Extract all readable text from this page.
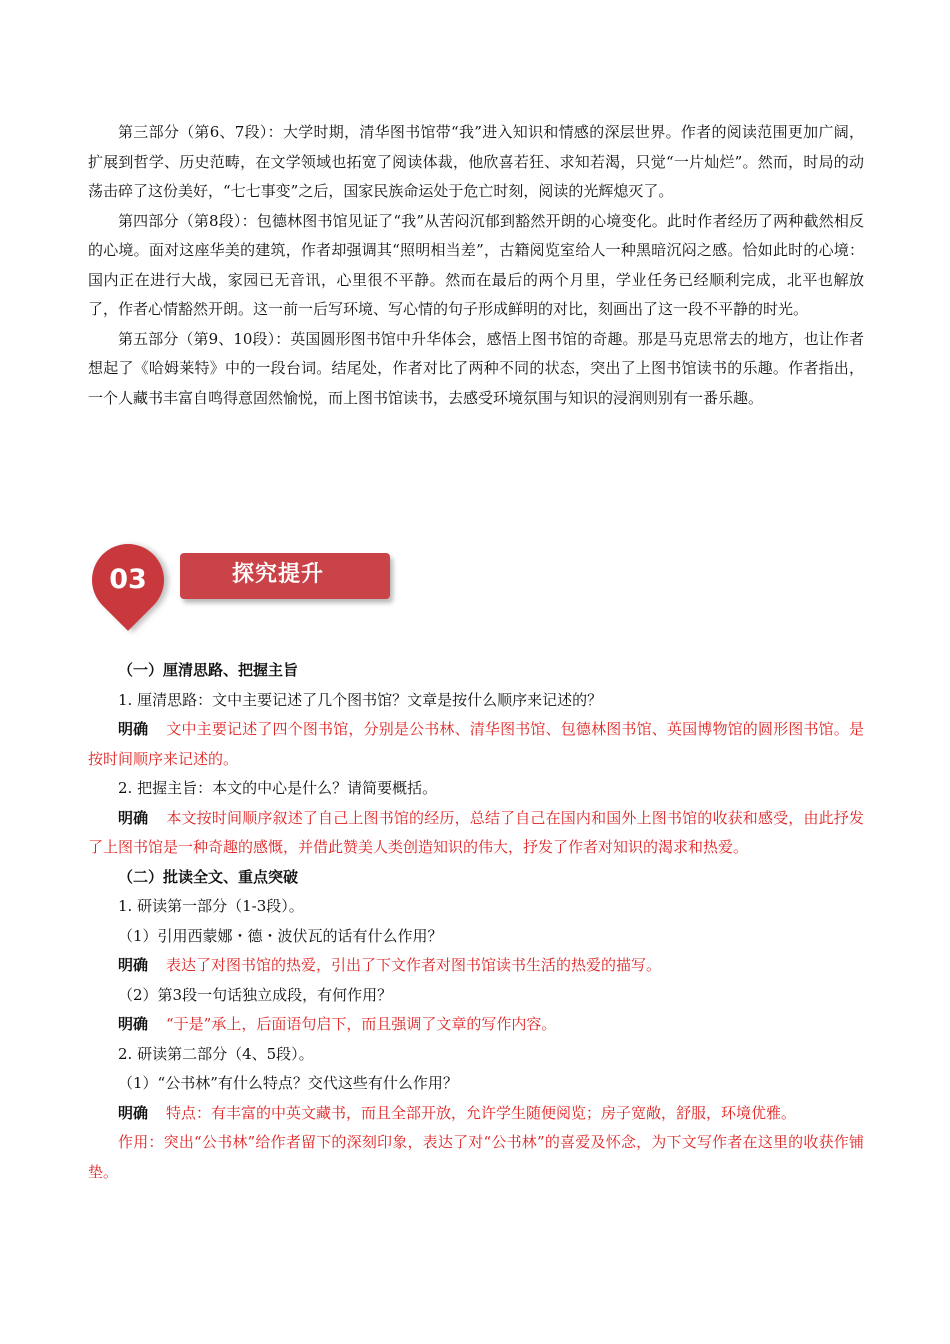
第三部分（第6、7段）：大学时期，清华图书馆带“我”进入知识和情感的深层世界。作者的阅读范围更加广阔，扩展到哲学、历史范畴，在文学领域也拓宽了阅读体裁，他欣喜若狂、求知若渴，只觉“一片灿烂”。然而，时局的动荡击碎了这份美好，“七七事变”之后，国家民族命运处于危亡时刻，阅读的光辉熄灭了。

第四部分（第8段）：包德林图书馆见证了“我”从苦闷沉郁到豁然开朗的心境变化。此时作者经历了两种截然相反的心境。面对这座华美的建筑，作者却强调其“照明相当差”，古籍阅览室给人一种黑暗沉闷之感。恰如此时的心境：国内正在进行大战，家园已无音讯，心里很不平静。然而在最后的两个月里，学业任务已经顺利完成，北平也解放了，作者心情豁然开朗。这一前一后写环境、写心情的句子形成鲜明的对比，刻画出了这一段不平静的时光。

第五部分（第9、10段）：英国圆形图书馆中升华体会，感悟上图书馆的奇趣。那是马克思常去的地方，也让作者想起了《哈姆莱特》中的一段台词。结尾处，作者对比了两种不同的状态，突出了上图书馆读书的乐趣。作者指出，一个人藏书丰富自鸣得意固然愉悦，而上图书馆读书，去感受环境氛围与知识的浸润则别有一番乐趣。

03	探究提升

（一）厘清思路、把握主旨

1. 厘清思路：文中主要记述了几个图书馆？文章是按什么顺序来记述的？

明确 文中主要记述了四个图书馆，分别是公书林、清华图书馆、包德林图书馆、英国博物馆的圆形图书馆。是按时间顺序来记述的。

2. 把握主旨：本文的中心是什么？请简要概括。

明确 本文按时间顺序叙述了自己上图书馆的经历，总结了自己在国内和国外上图书馆的收获和感受，由此抒发了上图书馆是一种奇趣的感慨，并借此赞美人类创造知识的伟大，抒发了作者对知识的渴求和热爱。

（二）批读全文、重点突破

1. 研读第一部分（1-3段）。

（1）引用西蒙娜・德・波伏瓦的话有什么作用？

明确 表达了对图书馆的热爱，引出了下文作者对图书馆读书生活的热爱的描写。

（2）第3段一句话独立成段，有何作用？

明确 “于是”承上，后面语句启下，而且强调了文章的写作内容。

2. 研读第二部分（4、5段）。

（1）“公书林”有什么特点？交代这些有什么作用？

明确 特点：有丰富的中英文藏书，而且全部开放，允许学生随便阅览；房子宽敞，舒服，环境优雅。

作用：突出“公书林”给作者留下的深刻印象，表达了对“公书林”的喜爱及怀念，为下文写作者在这里的收获作铺垫。
